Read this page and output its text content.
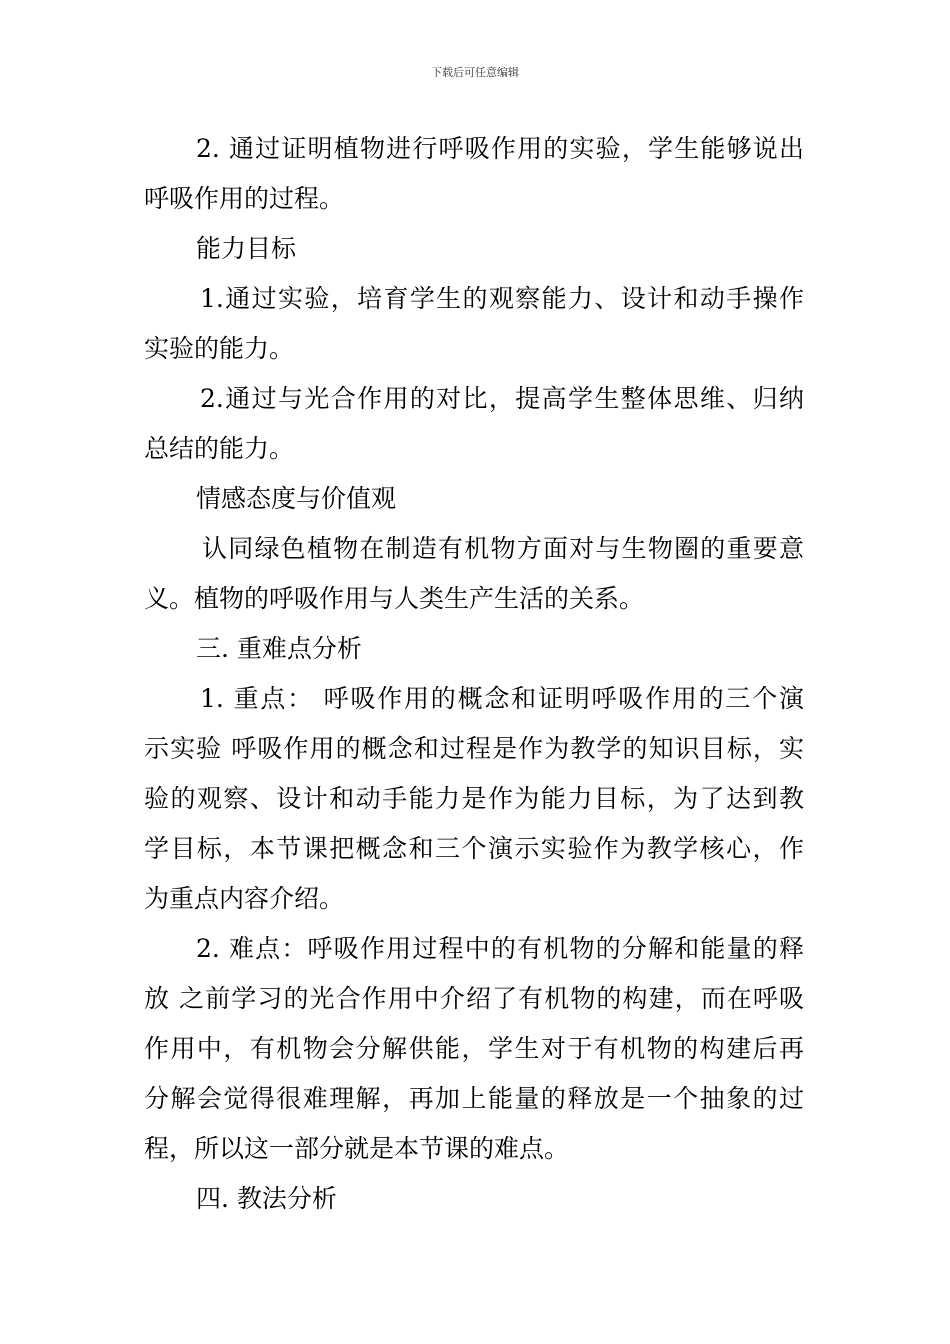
下载后可任意编辑
2. 通过证明植物进行呼吸作用的实验，学生能够说出
呼吸作用的过程。
能力目标
1.通过实验，培育学生的观察能力、设计和动手操作
实验的能力。
2.通过与光合作用的对比，提高学生整体思维、归纳
总结的能力。
情感态度与价值观
认同绿色植物在制造有机物方面对与生物圈的重要意
义。植物的呼吸作用与人类生产生活的关系。
三. 重难点分析
1. 重点： 呼吸作用的概念和证明呼吸作用的三个演
示实验 呼吸作用的概念和过程是作为教学的知识目标，实
验的观察、设计和动手能力是作为能力目标，为了达到教
学目标，本节课把概念和三个演示实验作为教学核心，作
为重点内容介绍。
2. 难点：呼吸作用过程中的有机物的分解和能量的释
放 之前学习的光合作用中介绍了有机物的构建，而在呼吸
作用中，有机物会分解供能，学生对于有机物的构建后再
分解会觉得很难理解，再加上能量的释放是一个抽象的过
程，所以这一部分就是本节课的难点。
四. 教法分析
